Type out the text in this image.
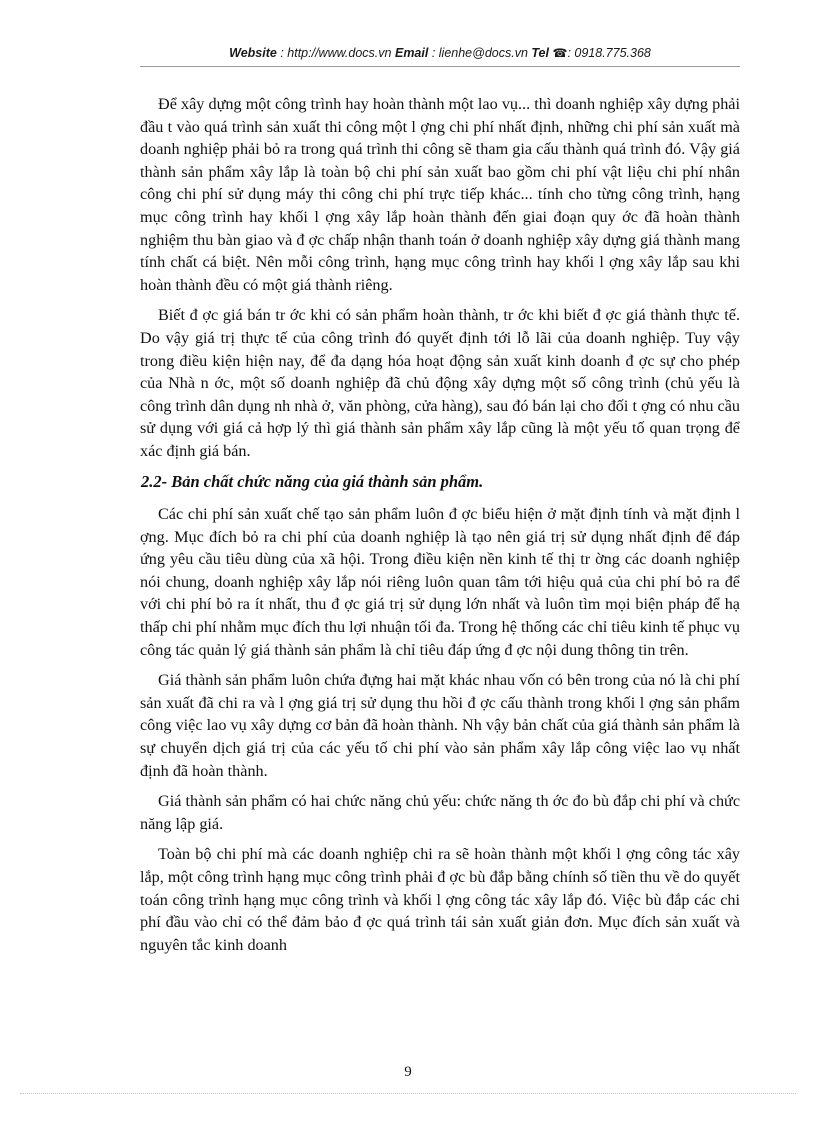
Website : http://www.docs.vn Email : lienhe@docs.vn Tel ☎: 0918.775.368

Để xây dựng một công trình hay hoàn thành một lao vụ... thì doanh nghiệp xây dựng phải đầu t vào quá trình sản xuất thi công một l ợng chi phí nhất định, những chi phí sản xuất mà doanh nghiệp phải bỏ ra trong quá trình thi công sẽ tham gia cấu thành quá trình đó. Vậy giá thành sản phẩm xây lắp là toàn bộ chi phí sản xuất bao gồm chi phí vật liệu chi phí nhân công chi phí sử dụng máy thi công chi phí trực tiếp khác... tính cho từng công trình, hạng mục công trình hay khối l ợng xây lắp hoàn thành đến giai đoạn quy ớc đã hoàn thành nghiệm thu bàn giao và đ ợc chấp nhận thanh toán ở doanh nghiệp xây dựng giá thành mang tính chất cá biệt. Nên mỗi công trình, hạng mục công trình hay khối l ợng xây lắp sau khi hoàn thành đều có một giá thành riêng.

Biết đ ợc giá bán tr ớc khi có sản phẩm hoàn thành, tr ớc khi biết đ ợc giá thành thực tế. Do vậy giá trị thực tế của công trình đó quyết định tới lỗ lãi của doanh nghiệp. Tuy vậy trong điều kiện hiện nay, để đa dạng hóa hoạt động sản xuất kinh doanh đ ợc sự cho phép của Nhà n ớc, một số doanh nghiệp đã chủ động xây dựng một số công trình (chủ yếu là công trình dân dụng nh nhà ở, văn phòng, cửa hàng), sau đó bán lại cho đối t ợng có nhu cầu sử dụng với giá cả hợp lý thì giá thành sản phẩm xây lắp cũng là một yếu tố quan trọng để xác định giá bán.

2.2- Bản chất chức năng của giá thành sản phẩm.

Các chi phí sản xuất chế tạo sản phẩm luôn đ ợc biểu hiện ở mặt định tính và mặt định l ợng. Mục đích bỏ ra chi phí của doanh nghiệp là tạo nên giá trị sử dụng nhất định để đáp ứng yêu cầu tiêu dùng của xã hội. Trong điều kiện nền kinh tế thị tr ờng các doanh nghiệp nói chung, doanh nghiệp xây lắp nói riêng luôn quan tâm tới hiệu quả của chi phí bỏ ra để với chi phí bỏ ra ít nhất, thu đ ợc giá trị sử dụng lớn nhất và luôn tìm mọi biện pháp để hạ thấp chi phí nhằm mục đích thu lợi nhuận tối đa. Trong hệ thống các chỉ tiêu kinh tế phục vụ công tác quản lý giá thành sản phẩm là chỉ tiêu đáp ứng đ ợc nội dung thông tin trên.

Giá thành sản phẩm luôn chứa đựng hai mặt khác nhau vốn có bên trong của nó là chi phí sản xuất đã chi ra và l ợng giá trị sử dụng thu hồi đ ợc cấu thành trong khối l ợng sản phẩm công việc lao vụ xây dựng cơ bản đã hoàn thành. Nh vậy bản chất của giá thành sản phẩm là sự chuyển dịch giá trị của các yếu tố chi phí vào sản phẩm xây lắp công việc lao vụ nhất định đã hoàn thành.

Giá thành sản phẩm có hai chức năng chủ yếu: chức năng th ớc đo bù đắp chi phí và chức năng lập giá.

Toàn bộ chi phí mà các doanh nghiệp chi ra sẽ hoàn thành một khối l ợng công tác xây lắp, một công trình hạng mục công trình phải đ ợc bù đắp bằng chính số tiền thu về do quyết toán công trình hạng mục công trình và khối l ợng công tác xây lắp đó. Việc bù đắp các chi phí đầu vào chỉ có thể đảm bảo đ ợc quá trình tái sản xuất giản đơn. Mục đích sản xuất và nguyên tắc kinh doanh

9
